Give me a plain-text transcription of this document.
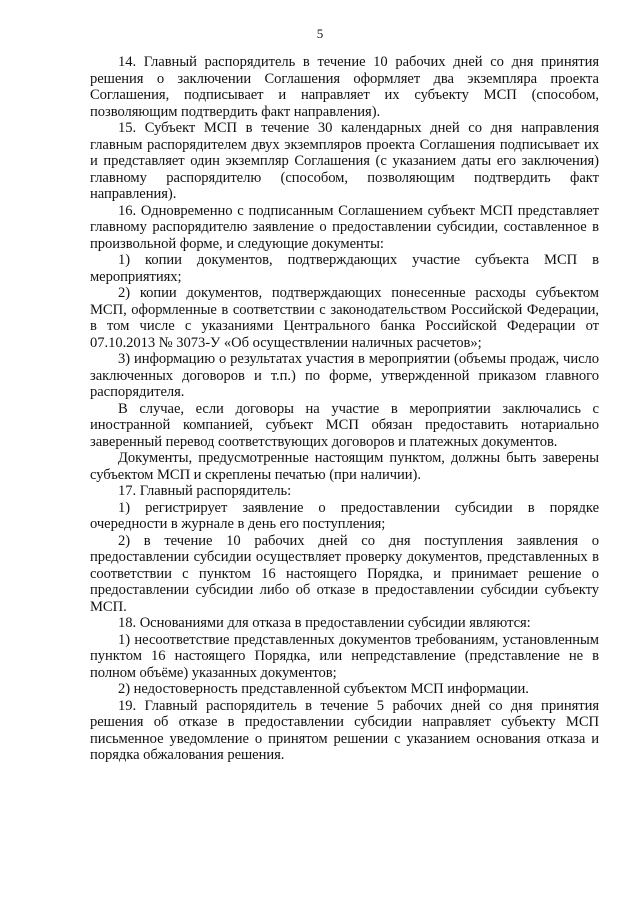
5

14. Главный распорядитель в течение 10 рабочих дней со дня принятия решения о заключении Соглашения оформляет два экземпляра проекта Соглашения, подписывает и направляет их субъекту МСП (способом, позволяющим подтвердить факт направления).

15. Субъект МСП в течение 30 календарных дней со дня направления главным распорядителем двух экземпляров проекта Соглашения подписывает их и представляет один экземпляр Соглашения (с указанием даты его заключения) главному распорядителю (способом, позволяющим подтвердить факт направления).

16. Одновременно с подписанным Соглашением субъект МСП представляет главному распорядителю заявление о предоставлении субсидии, составленное в произвольной форме, и следующие документы:

1) копии документов, подтверждающих участие субъекта МСП в мероприятиях;

2) копии документов, подтверждающих понесенные расходы субъектом МСП, оформленные в соответствии с законодательством Российской Федерации, в том числе с указаниями Центрального банка Российской Федерации от 07.10.2013 № 3073-У «Об осуществлении наличных расчетов»;

3) информацию о результатах участия в мероприятии (объемы продаж, число заключенных договоров и т.п.) по форме, утвержденной приказом главного распорядителя.

В случае, если договоры на участие в мероприятии заключались с иностранной компанией, субъект МСП обязан предоставить нотариально заверенный перевод соответствующих договоров и платежных документов.

Документы, предусмотренные настоящим пунктом, должны быть заверены субъектом МСП и скреплены печатью (при наличии).

17. Главный распорядитель:

1) регистрирует заявление о предоставлении субсидии в порядке очередности в журнале в день его поступления;

2) в течение 10 рабочих дней со дня поступления заявления о предоставлении субсидии осуществляет проверку документов, представленных в соответствии с пунктом 16 настоящего Порядка, и принимает решение о предоставлении субсидии либо об отказе в предоставлении субсидии субъекту МСП.

18. Основаниями для отказа в предоставлении субсидии являются:

1) несоответствие представленных документов требованиям, установленным пунктом 16 настоящего Порядка, или непредставление (представление не в полном объёме) указанных документов;

2) недостоверность представленной субъектом МСП информации.

19. Главный распорядитель в течение 5 рабочих дней со дня принятия решения об отказе в предоставлении субсидии направляет субъекту МСП письменное уведомление о принятом решении с указанием основания отказа и порядка обжалования решения.
